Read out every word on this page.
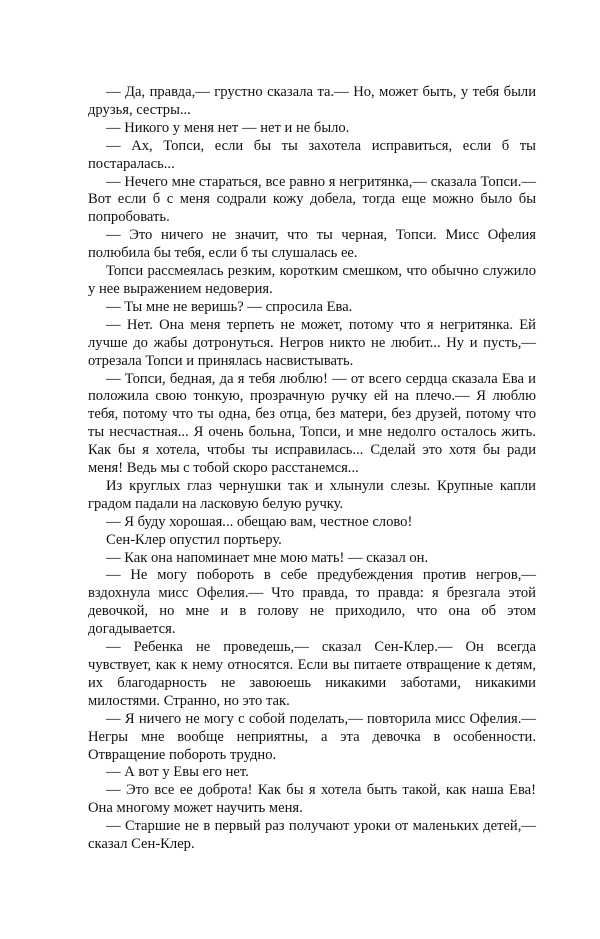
— Да, правда,— грустно сказала та.— Но, может быть, у тебя были друзья, сестры...

— Никого у меня нет — нет и не было.

— Ах, Топси, если бы ты захотела исправиться, если б ты постаралась...

— Нечего мне стараться, все равно я негритянка,— сказала Топси.— Вот если б с меня содрали кожу добела, тогда еще можно было бы попробовать.

— Это ничего не значит, что ты черная, Топси. Мисс Офелия полюбила бы тебя, если б ты слушалась ее.

Топси рассмеялась резким, коротким смешком, что обычно служило у нее выражением недоверия.

— Ты мне не веришь? — спросила Ева.

— Нет. Она меня терпеть не может, потому что я негритянка. Ей лучше до жабы дотронуться. Негров никто не любит... Ну и пусть,— отрезала Топси и принялась насвистывать.

— Топси, бедная, да я тебя люблю! — от всего сердца сказала Ева и положила свою тонкую, прозрачную ручку ей на плечо.— Я люблю тебя, потому что ты одна, без отца, без матери, без друзей, потому что ты несчастная... Я очень больна, Топси, и мне недолго осталось жить. Как бы я хотела, чтобы ты исправилась... Сделай это хотя бы ради меня! Ведь мы с тобой скоро расстанемся...

Из круглых глаз чернушки так и хлынули слезы. Крупные капли градом падали на ласковую белую ручку.

— Я буду хорошая... обещаю вам, честное слово!

Сен-Клер опустил портьеру.

— Как она напоминает мне мою мать! — сказал он.

— Не могу побороть в себе предубеждения против негров,— вздохнула мисс Офелия.— Что правда, то правда: я брезгала этой девочкой, но мне и в голову не приходило, что она об этом догадывается.

— Ребенка не проведешь,— сказал Сен-Клер.— Он всегда чувствует, как к нему относятся. Если вы питаете отвращение к детям, их благодарность не завоюешь никакими заботами, никакими милостями. Странно, но это так.

— Я ничего не могу с собой поделать,— повторила мисс Офелия.— Негры мне вообще неприятны, а эта девочка в особенности. Отвращение побороть трудно.

— А вот у Евы его нет.

— Это все ее доброта! Как бы я хотела быть такой, как наша Ева! Она многому может научить меня.

— Старшие не в первый раз получают уроки от маленьких детей,— сказал Сен-Клер.
